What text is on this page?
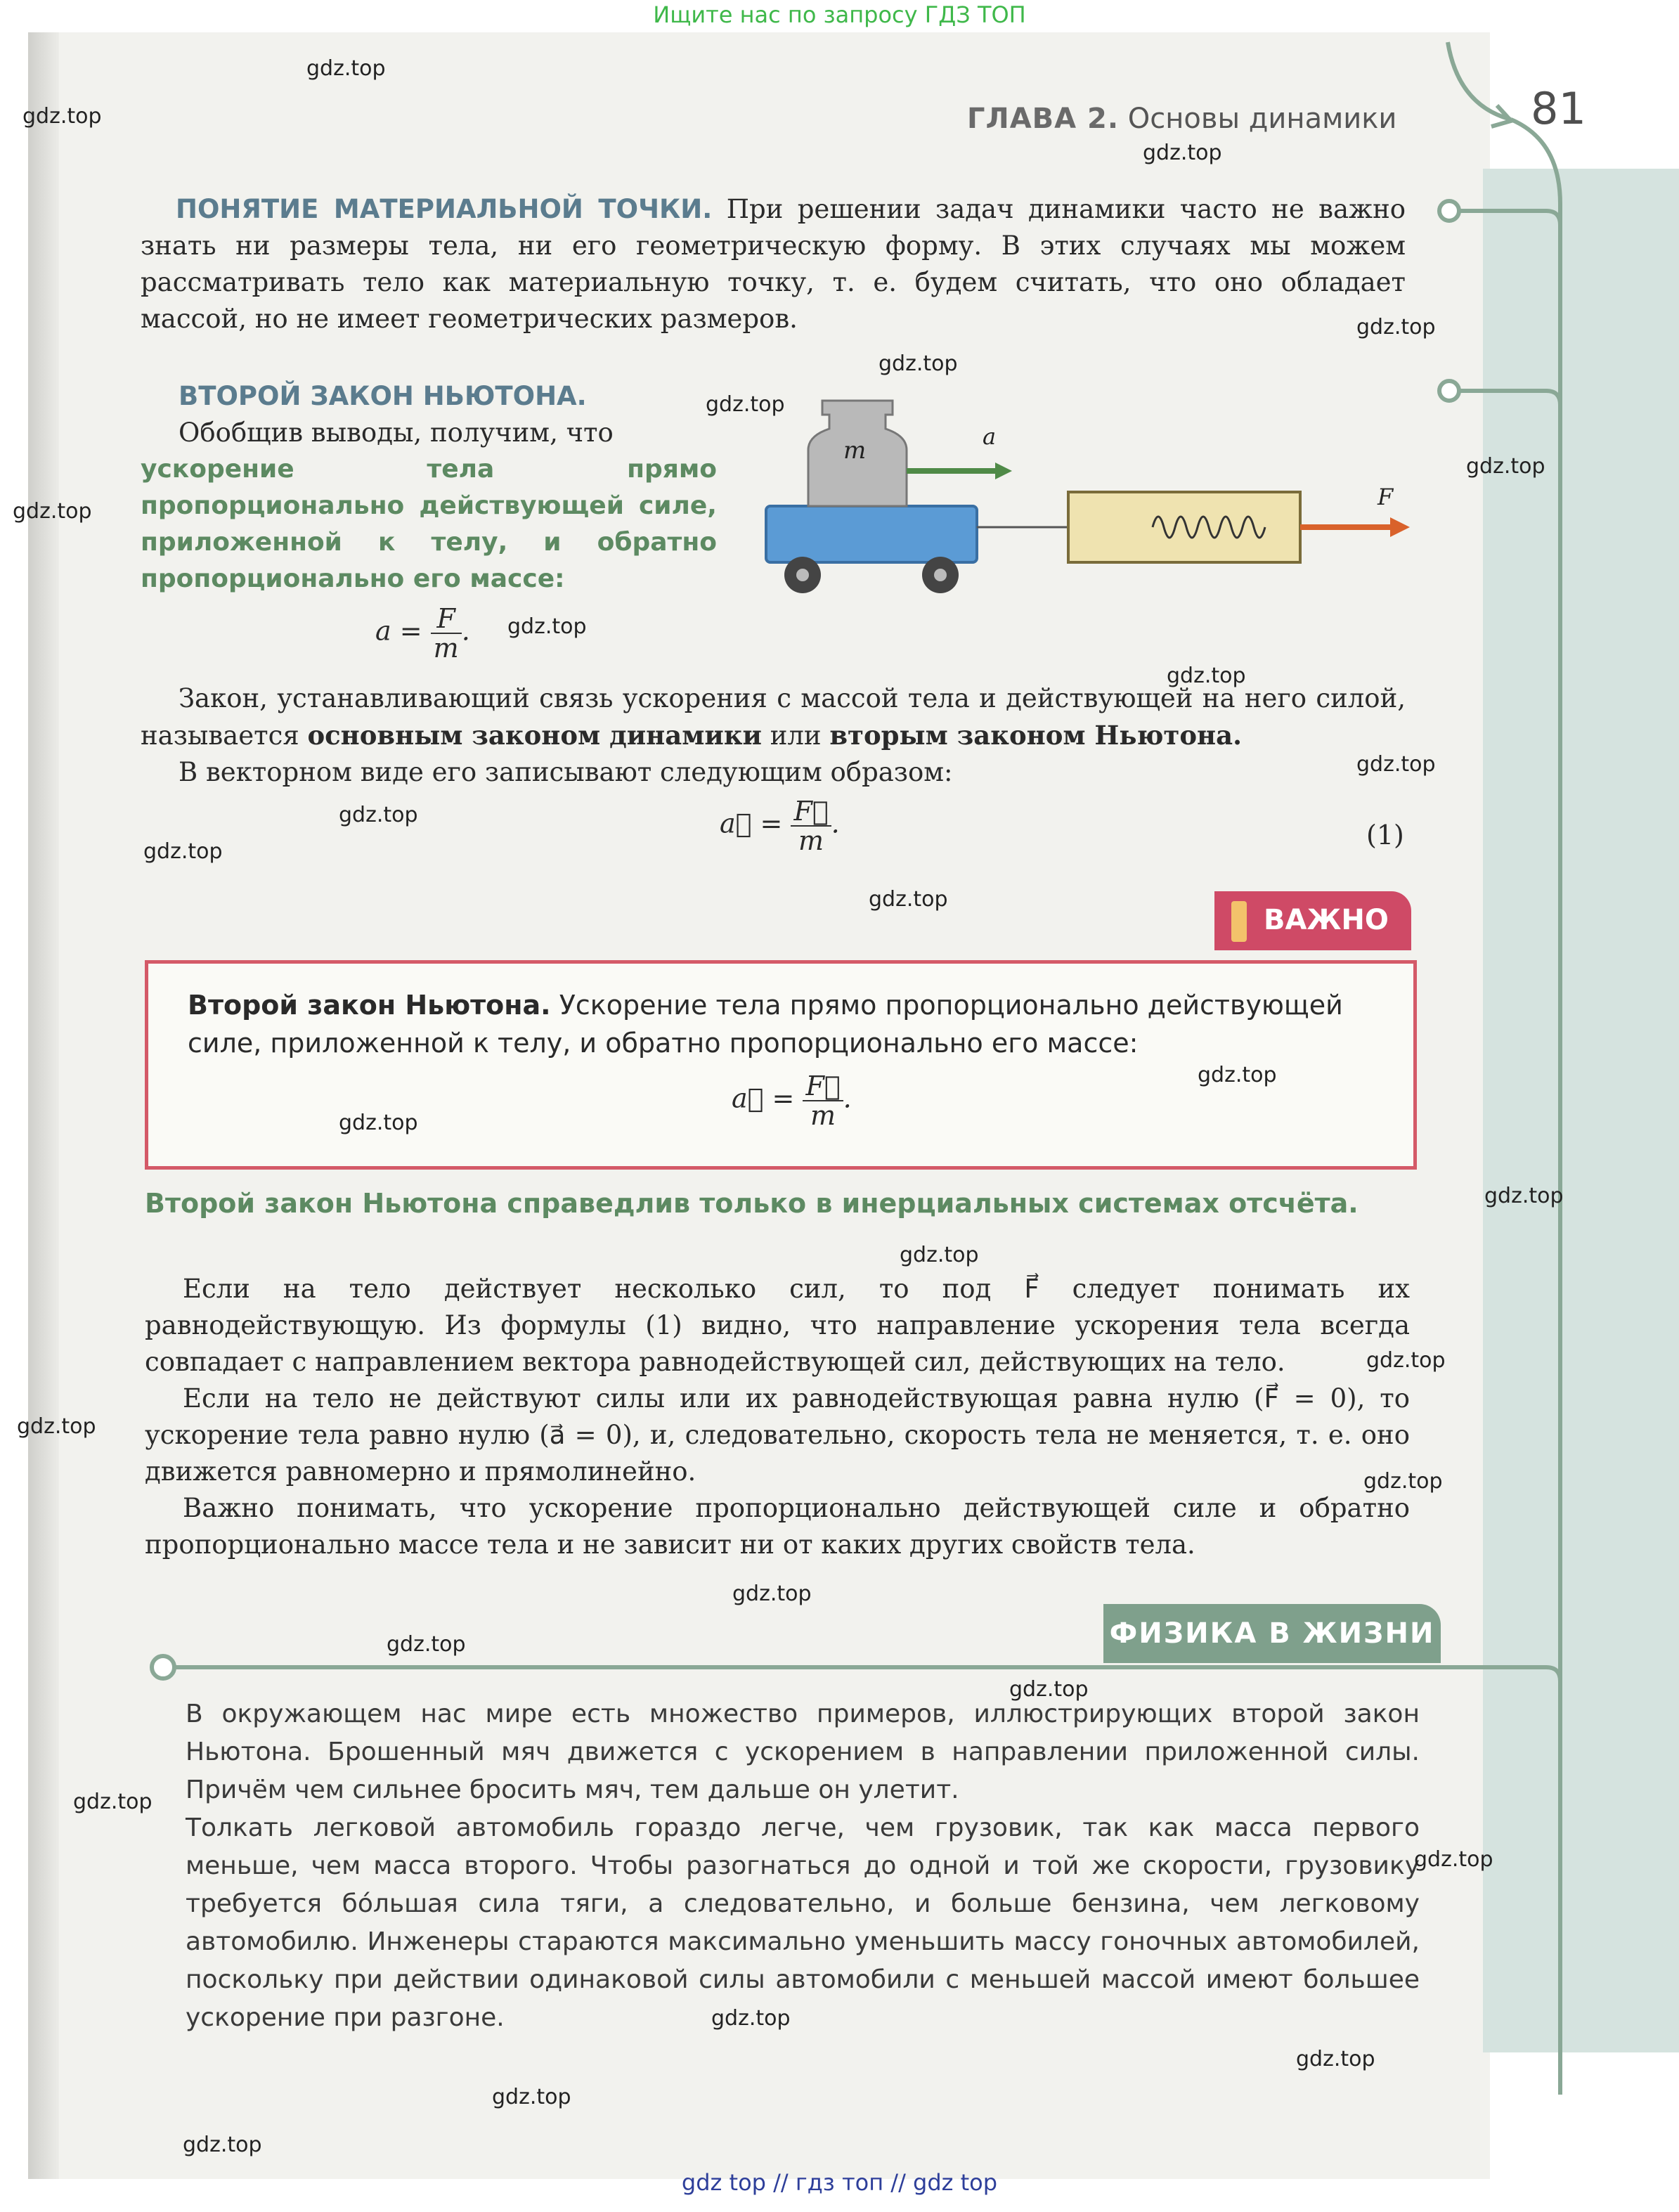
Ищите нас по запросу ГДЗ ТОП
ГЛАВА 2. Основы динамики	81
ПОНЯТИЕ МАТЕРИАЛЬНОЙ ТОЧКИ. При решении задач динамики часто не важно знать ни размеры тела, ни его геометрическую форму. В этих случаях мы можем рассматривать тело как материальную точку, т. е. будем считать, что оно обладает массой, но не имеет геометрических размеров.
ВТОРОЙ ЗАКОН НЬЮТОНА.
Обобщив выводы, получим, что
ускорение тела прямо пропорционально действующей силе, приложенной к телу, и обратно пропорционально его массе:
$a = \frac{F}{m}$ .
m	a
F
Закон, устанавливающий связь ускорения с массой тела и действующей на него силой, называется основным законом динамики или вторым законом Ньютона.
В векторном виде его записывают следующим образом:
a⃗ = $\frac{F⃗}{m}$ .	(1)
ВАЖНО
Второй закон Ньютона. Ускорение тела прямо пропорционально действующей силе, приложенной к телу, и обратно пропорционально его массе:
a⃗ = $\frac{F⃗}{m}$ .
Второй закон Ньютона справедлив только в инерциальных системах отсчёта.
Если на тело действует несколько сил, то под F⃗ следует понимать их равнодействующую. Из формулы (1) видно, что направление ускорения тела всегда совпадает с направлением вектора равнодействующей сил, действующих на тело.
Если на тело не действуют силы или их равнодействующая равна нулю (F⃗ = 0), то ускорение тела равно нулю (a⃗ = 0), и, следовательно, скорость тела не меняется, т. е. оно движется равномерно и прямолинейно.
Важно понимать, что ускорение пропорционально действующей силе и обратно пропорционально массе тела и не зависит ни от каких других свойств тела.
ФИЗИКА В ЖИЗНИ
В окружающем нас мире есть множество примеров, иллюстрирующих второй закон Ньютона. Брошенный мяч движется с ускорением в направлении приложенной силы. Причём чем сильнее бросить мяч, тем дальше он улетит.
Толкать легковой автомобиль гораздо легче, чем грузовик, так как масса первого меньше, чем масса второго. Чтобы разогнаться до одной и той же скорости, грузовику требуется бо́льшая сила тяги, а следовательно, и больше бензина, чем легковому автомобилю. Инженеры стараются максимально уменьшить массу гоночных автомобилей, поскольку при действии одинаковой силы автомобили с меньшей массой имеют большее ускорение при разгоне.
gdz.top
gdz.top
gdz.top
gdz.top
gdz.top
gdz.top
gdz.top
gdz.top
gdz.top
gdz.top
gdz.top
gdz.top
gdz.top
gdz.top
gdz.top
gdz.top
gdz.top
gdz.top
gdz.top
gdz.top
gdz.top
gdz.top
gdz.top
gdz.top
gdz.top
gdz.top
gdz.top
gdz.top
gdz.top
gdz.top
gdz top // гдз топ // gdz top
